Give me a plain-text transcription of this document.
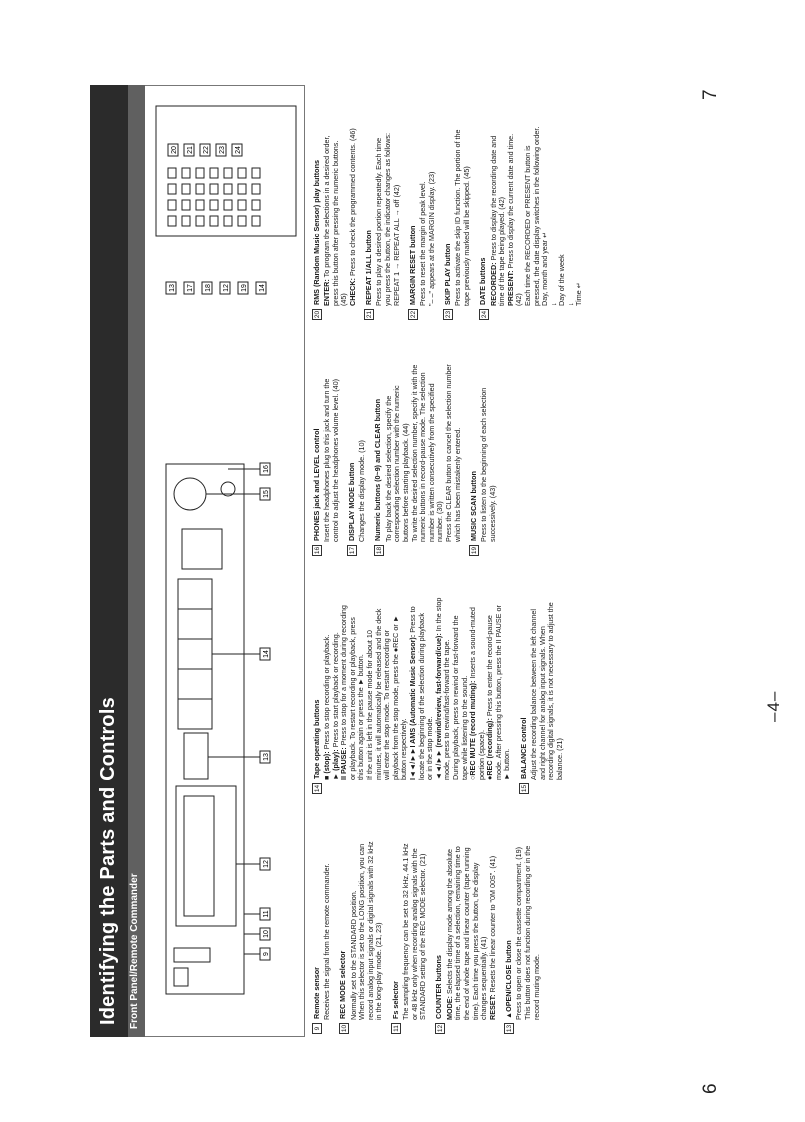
6
7
–4–
Identifying the Parts and Controls Front Panel/Remote Commander	9
10
11
12
13
14
15
16
13 17 18 12 19 14
20 21 22 23 24
9
Remote sensor Receives the signal from the remote commander.
10
REC MODE selector Normally set to the STANDARD position. When this selector is set to the LONG position, you can record analog input signals or digital signals with 32 kHz in the long-play mode. (21, 23)
11
Fs selector The sampling frequency can be set to 32 kHz, 44.1 kHz or 48 kHz only when recording analog signals with the STANDARD setting of the REC MODE selector. (21)
12
COUNTER buttons MODE: Selects the display mode among the absolute time, the elapsed time of a selection, remaining time to the end of whole tape and linear counter (tape running time). Each time you press the button, the display changes sequentially. (41) RESET: Resets the linear counter to "0M 00S". (41)
13
▲OPEN/CLOSE button Press to open or close the cassette compartment. (19) This button does not function during recording or in the record muting mode.
14
Tape operating buttons ■ (stop): Press to stop recording or playback.
► (play): Press to start playback or recording.
II PAUSE: Press to stop for a moment during recording or playback. To restart recording or playback, press this button again or press the ► button. If the unit is left in the pause mode for about 10 minutes, it will automatically be released and the deck will enter the stop mode. To restart recording or playback from the stop mode, press the ●REC or ► button respectively. I◄◄/►►I AMS (Automatic Music Sensor): Press to locate the beginning of the selection during playback or in the stop mode. ◄◄/►► (rewind/review, fast-forward/cue): In the stop
mode, press to rewind/fast-forward the tape. During playback, press to rewind or fast-forward the tape while listening to the sound. ○REC MUTE (record muting): Inserts a sound-muted
portion (space). ●REC (recording): Press to enter the record-pause mode. After pressing this button, press the II PAUSE or ► button.
15
BALANCE control Adjust the recording balance between the left channel and right channel for analog input signals. When recording digital signals, it is not necessary to adjust the balance. (21)
16
PHONES jack and LEVEL control Insert the headphones plug to this jack and turn the control to adjust the headphones volume level. (40)
17
DISPLAY MODE button Changes the display mode. (10)
18
Numeric buttons (0~9) and CLEAR button To play back the desired selection, specify the corresponding selection number with the numeric buttons before starting playback. (44) To write the desired selection number, specify it with the numeric buttons in record-pause mode. The selection number is written consecutively from the specified number. (30) Press the CLEAR button to cancel the selection number which has been mistakenly entered.
19
MUSIC SCAN button Press to listen to the beginning of each selection successively. (43)
20
RMS (Random Music Sensor) play buttons ENTER: To program the selections in a desired order, press this button after pressing the numeric buttons. (45) CHECK: Press to check the programmed contents. (46)
21
REPEAT 1/ALL button Press to play a desired portion repeatedly. Each time you press the button, the indicator changes as follows: REPEAT 1 → REPEAT ALL → off (42)
22
MARGIN RESET button Press to reset the margin of peak level. "– –" appears at the MARGIN display. (23)
23
SKIP PLAY button Press to activate the skip ID function. The portion of the tape previously marked will be skipped. (45)
24
DATE buttons RECORDED: Press to display the recording date and time of the tape being played. (42) PRESENT: Press to display the current date and time.
(42) Each time the RECORDED or PRESENT button is pressed, the date display switches in the following order. Day, month and year ↵ ↓ Day of the week ↓ Time ↵
